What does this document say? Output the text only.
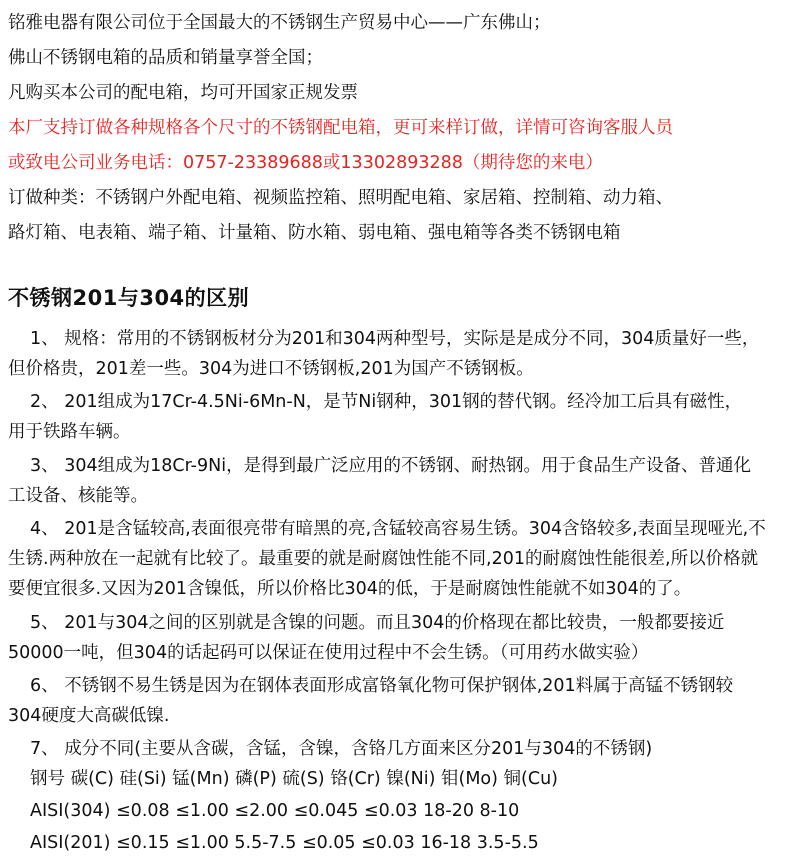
铭雅电器有限公司位于全国最大的不锈钢生产贸易中心——广东佛山；
佛山不锈钢电箱的品质和销量享誉全国；
凡购买本公司的配电箱，均可开国家正规发票
本厂支持订做各种规格各个尺寸的不锈钢配电箱，更可来样订做，详情可咨询客服人员
或致电公司业务电话：0757-23389688或13302893288（期待您的来电）
订做种类：不锈钢户外配电箱、视频监控箱、照明配电箱、家居箱、控制箱、动力箱、
路灯箱、电表箱、端子箱、计量箱、防水箱、弱电箱、强电箱等各类不锈钢电箱
不锈钢201与304的区别
1、 规格：常用的不锈钢板材分为201和304两种型号，实际是是成分不同，304质量好一些，
但价格贵，201差一些。304为进口不锈钢板,201为国产不锈钢板。
2、 201组成为17Cr-4.5Ni-6Mn-N，是节Ni钢种，301钢的替代钢。经冷加工后具有磁性，
用于铁路车辆。
3、 304组成为18Cr-9Ni，是得到最广泛应用的不锈钢、耐热钢。用于食品生产设备、普通化
工设备、核能等。
4、 201是含锰较高,表面很亮带有暗黑的亮,含锰较高容易生锈。304含铬较多,表面呈现哑光,不
生锈.两种放在一起就有比较了。最重要的就是耐腐蚀性能不同,201的耐腐蚀性能很差,所以价格就
要便宜很多.又因为201含镍低，所以价格比304的低，于是耐腐蚀性能就不如304的了。
5、 201与304之间的区别就是含镍的问题。而且304的价格现在都比较贵，一般都要接近
50000一吨，但304的话起码可以保证在使用过程中不会生锈。（可用药水做实验）
6、 不锈钢不易生锈是因为在钢体表面形成富铬氧化物可保护钢体,201料属于高锰不锈钢较
304硬度大高碳低镍.
7、 成分不同(主要从含碳，含锰，含镍，含铬几方面来区分201与304的不锈钢)
钢号 碳(C) 硅(Si) 锰(Mn) 磷(P) 硫(S) 铬(Cr) 镍(Ni) 钼(Mo) 铜(Cu)
AISI(304) ≤0.08 ≤1.00 ≤2.00 ≤0.045 ≤0.03 18-20 8-10
AISI(201) ≤0.15 ≤1.00 5.5-7.5 ≤0.05 ≤0.03 16-18 3.5-5.5
